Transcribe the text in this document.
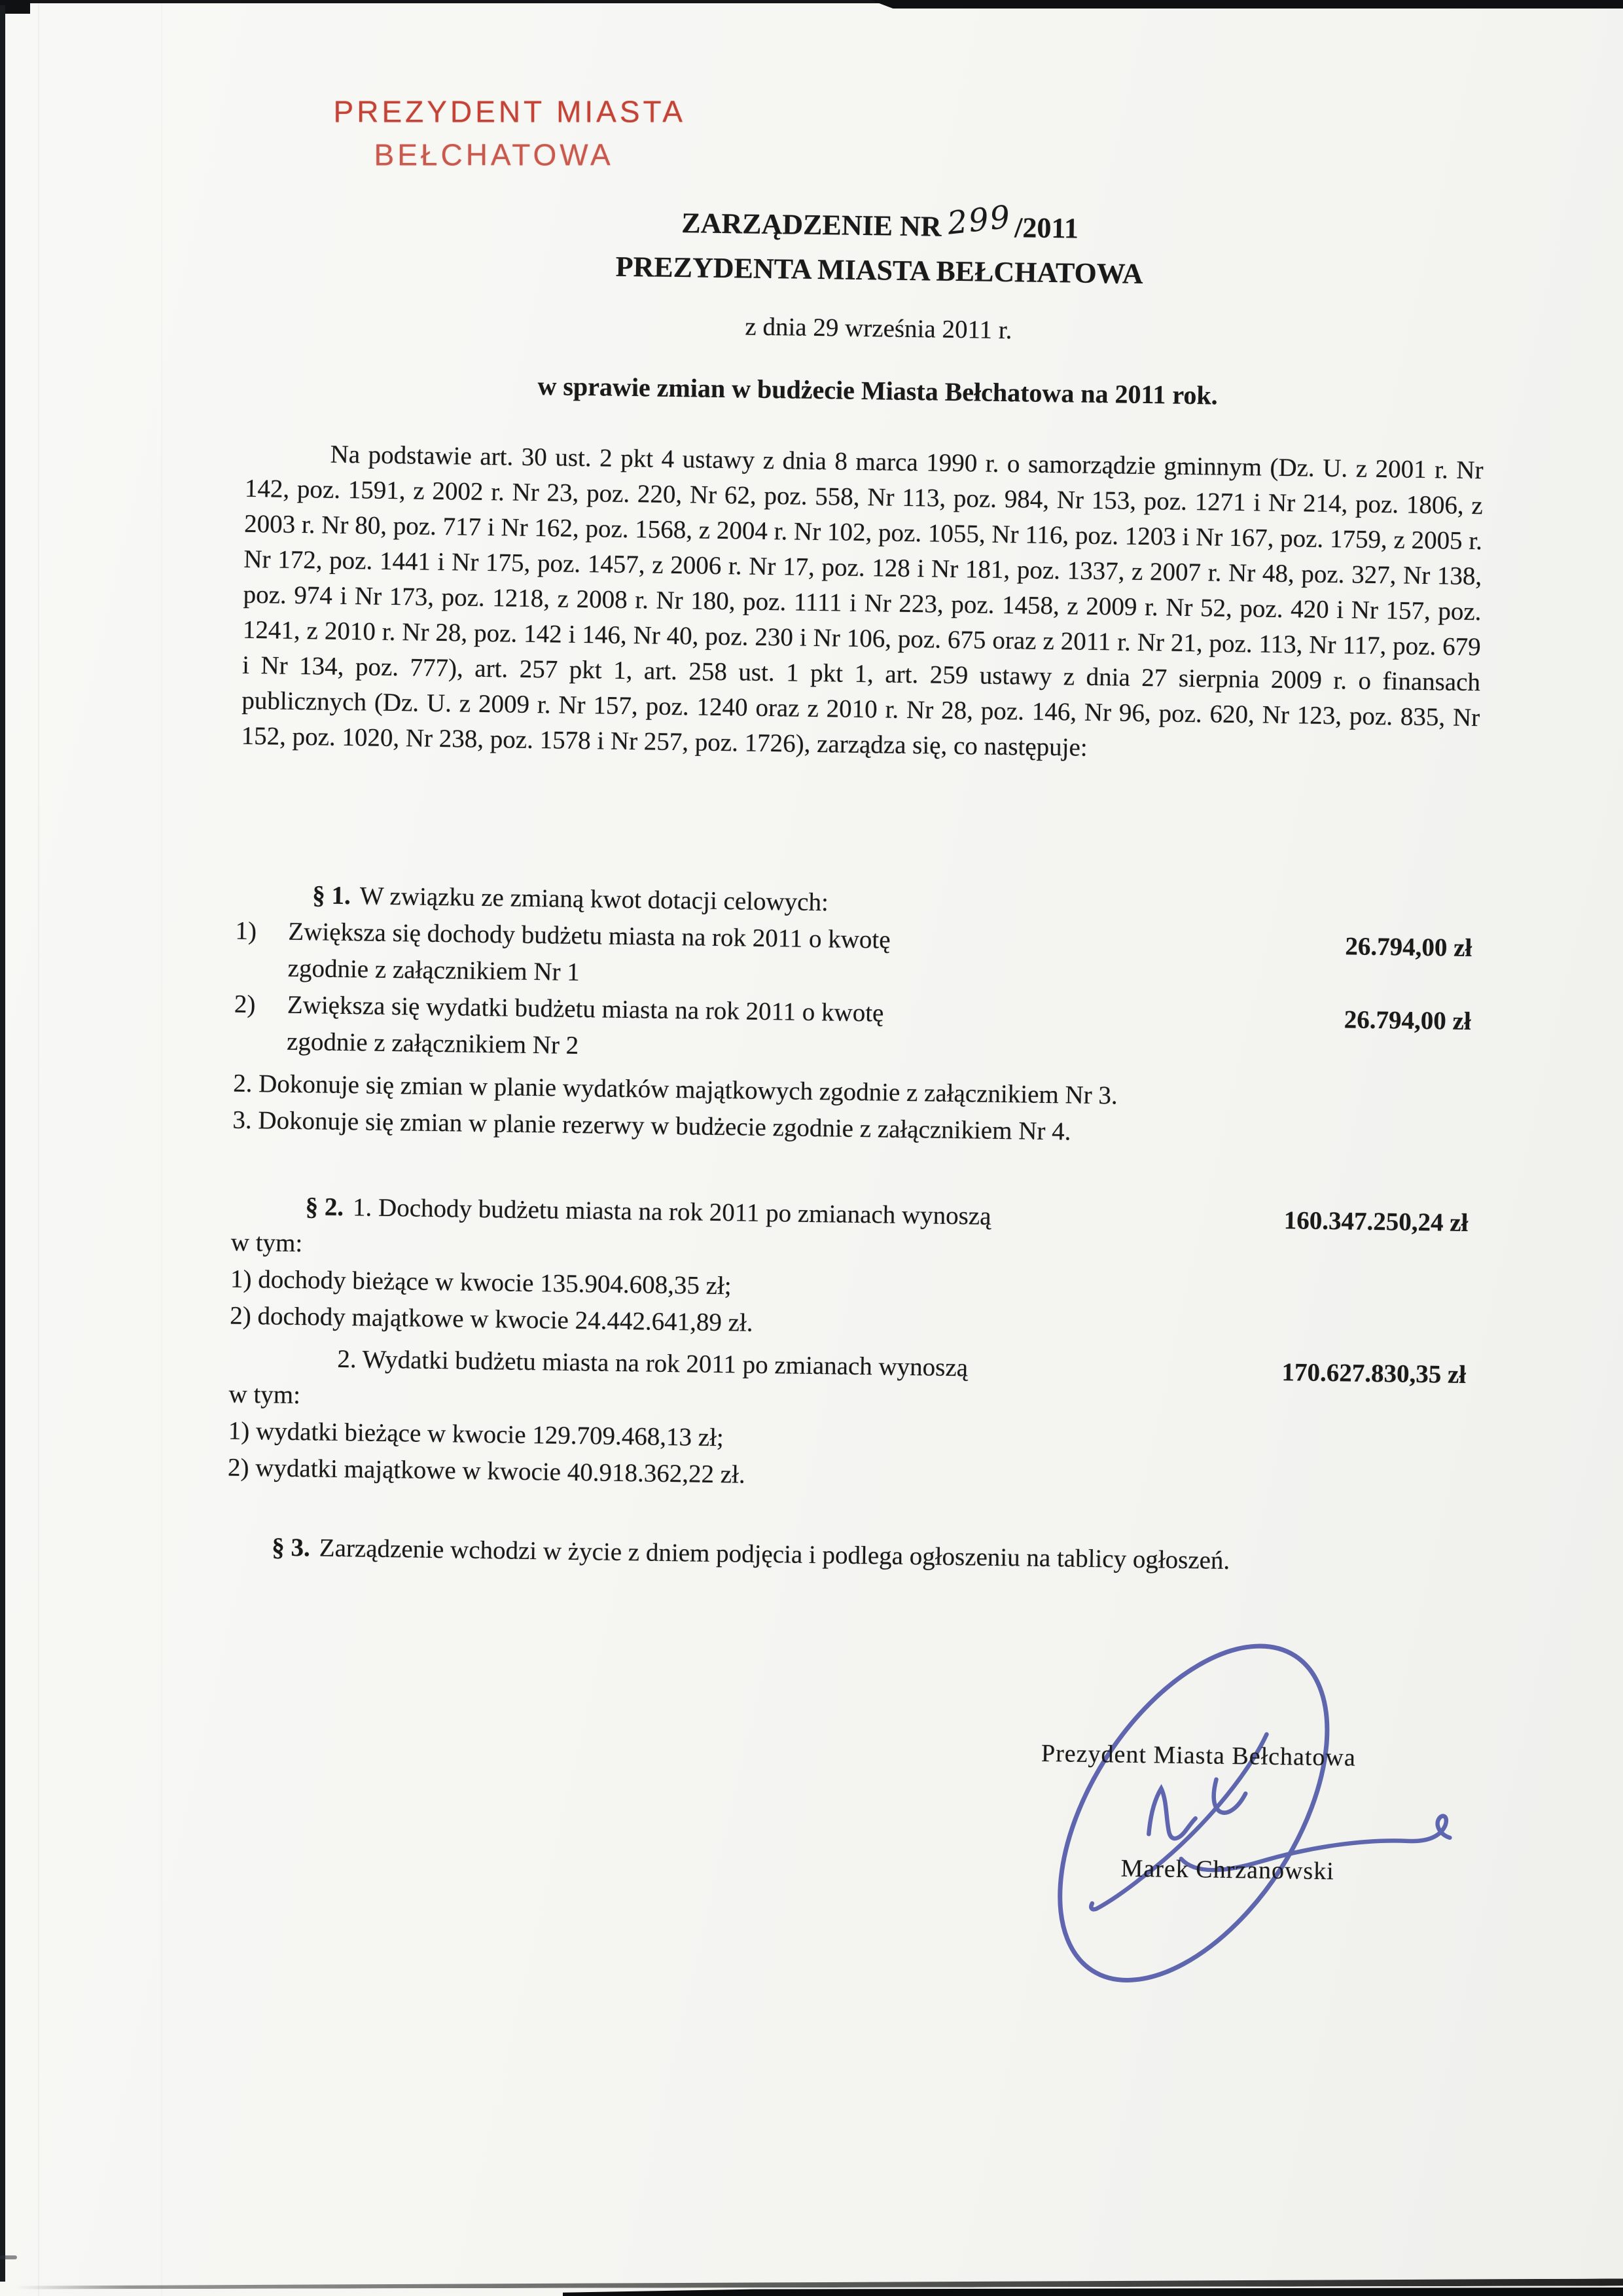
PREZYDENT MIASTA
BEŁCHATOWA
ZARZĄDZENIE NR 299/2011
PREZYDENTA MIASTA BEŁCHATOWA
z dnia 29 września 2011 r.
w sprawie zmian w budżecie Miasta Bełchatowa na 2011 rok.

Na podstawie art. 30 ust. 2 pkt 4 ustawy z dnia 8 marca 1990 r. o samorządzie gminnym (Dz. U. z 2001 r. Nr 142, poz. 1591, z 2002 r. Nr 23, poz. 220, Nr 62, poz. 558, Nr 113, poz. 984, Nr 153, poz. 1271 i Nr 214, poz. 1806, z 2003 r. Nr 80, poz. 717 i Nr 162, poz. 1568, z 2004 r. Nr 102, poz. 1055, Nr 116, poz. 1203 i Nr 167, poz. 1759, z 2005 r. Nr 172, poz. 1441 i Nr 175, poz. 1457, z 2006 r. Nr 17, poz. 128 i Nr 181, poz. 1337, z 2007 r. Nr 48, poz. 327, Nr 138, poz. 974 i Nr 173, poz. 1218, z 2008 r. Nr 180, poz. 1111 i Nr 223, poz. 1458, z 2009 r. Nr 52, poz. 420 i Nr 157, poz. 1241, z 2010 r. Nr 28, poz. 142 i 146, Nr 40, poz. 230 i Nr 106, poz. 675 oraz z 2011 r. Nr 21, poz. 113, Nr 117, poz. 679 i Nr 134, poz. 777), art. 257 pkt 1, art. 258 ust. 1 pkt 1, art. 259 ustawy z dnia 27 sierpnia 2009 r. o finansach publicznych (Dz. U. z 2009 r. Nr 157, poz. 1240 oraz z 2010 r. Nr 28, poz. 146, Nr 96, poz. 620, Nr 123, poz. 835, Nr 152, poz. 1020, Nr 238, poz. 1578 i Nr 257, poz. 1726), zarządza się, co następuje:

§ 1. W związku ze zmianą kwot dotacji celowych:
1) Zwiększa się dochody budżetu miasta na rok 2011 o kwotę	26.794,00 zł
zgodnie z załącznikiem Nr 1
2) Zwiększa się wydatki budżetu miasta na rok 2011 o kwotę	26.794,00 zł
zgodnie z załącznikiem Nr 2
2. Dokonuje się zmian w planie wydatków majątkowych zgodnie z załącznikiem Nr 3.
3. Dokonuje się zmian w planie rezerwy w budżecie zgodnie z załącznikiem Nr 4.
§ 2. 1. Dochody budżetu miasta na rok 2011 po zmianach wynoszą	160.347.250,24 zł
w tym:
1) dochody bieżące w kwocie 135.904.608,35 zł;
2) dochody majątkowe w kwocie 24.442.641,89 zł.
2. Wydatki budżetu miasta na rok 2011 po zmianach wynoszą	170.627.830,35 zł
w tym:
1) wydatki bieżące w kwocie 129.709.468,13 zł;
2) wydatki majątkowe w kwocie 40.918.362,22 zł.

§ 3. Zarządzenie wchodzi w życie z dniem podjęcia i podlega ogłoszeniu na tablicy ogłoszeń.

Prezydent Miasta Bełchatowa
Marek Chrzanowski
